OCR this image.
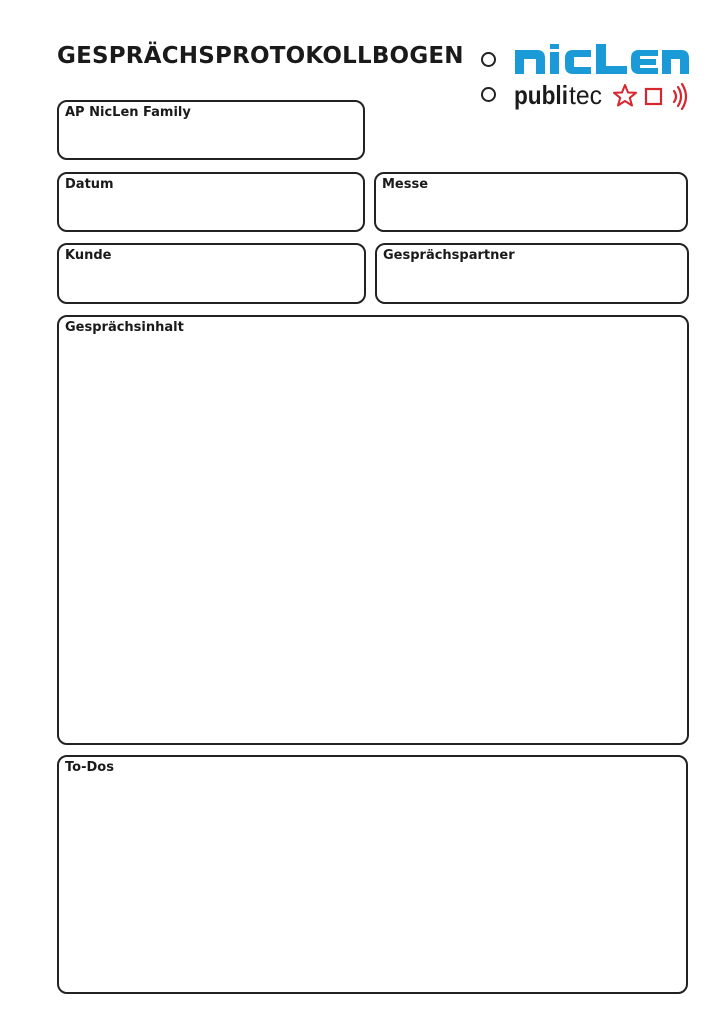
GESPRÄCHSPROTOKOLLBOGEN
publi tec
AP NicLen Family
Datum	Messe
Kunde	Gesprächspartner
Gesprächsinhalt
To-Dos
